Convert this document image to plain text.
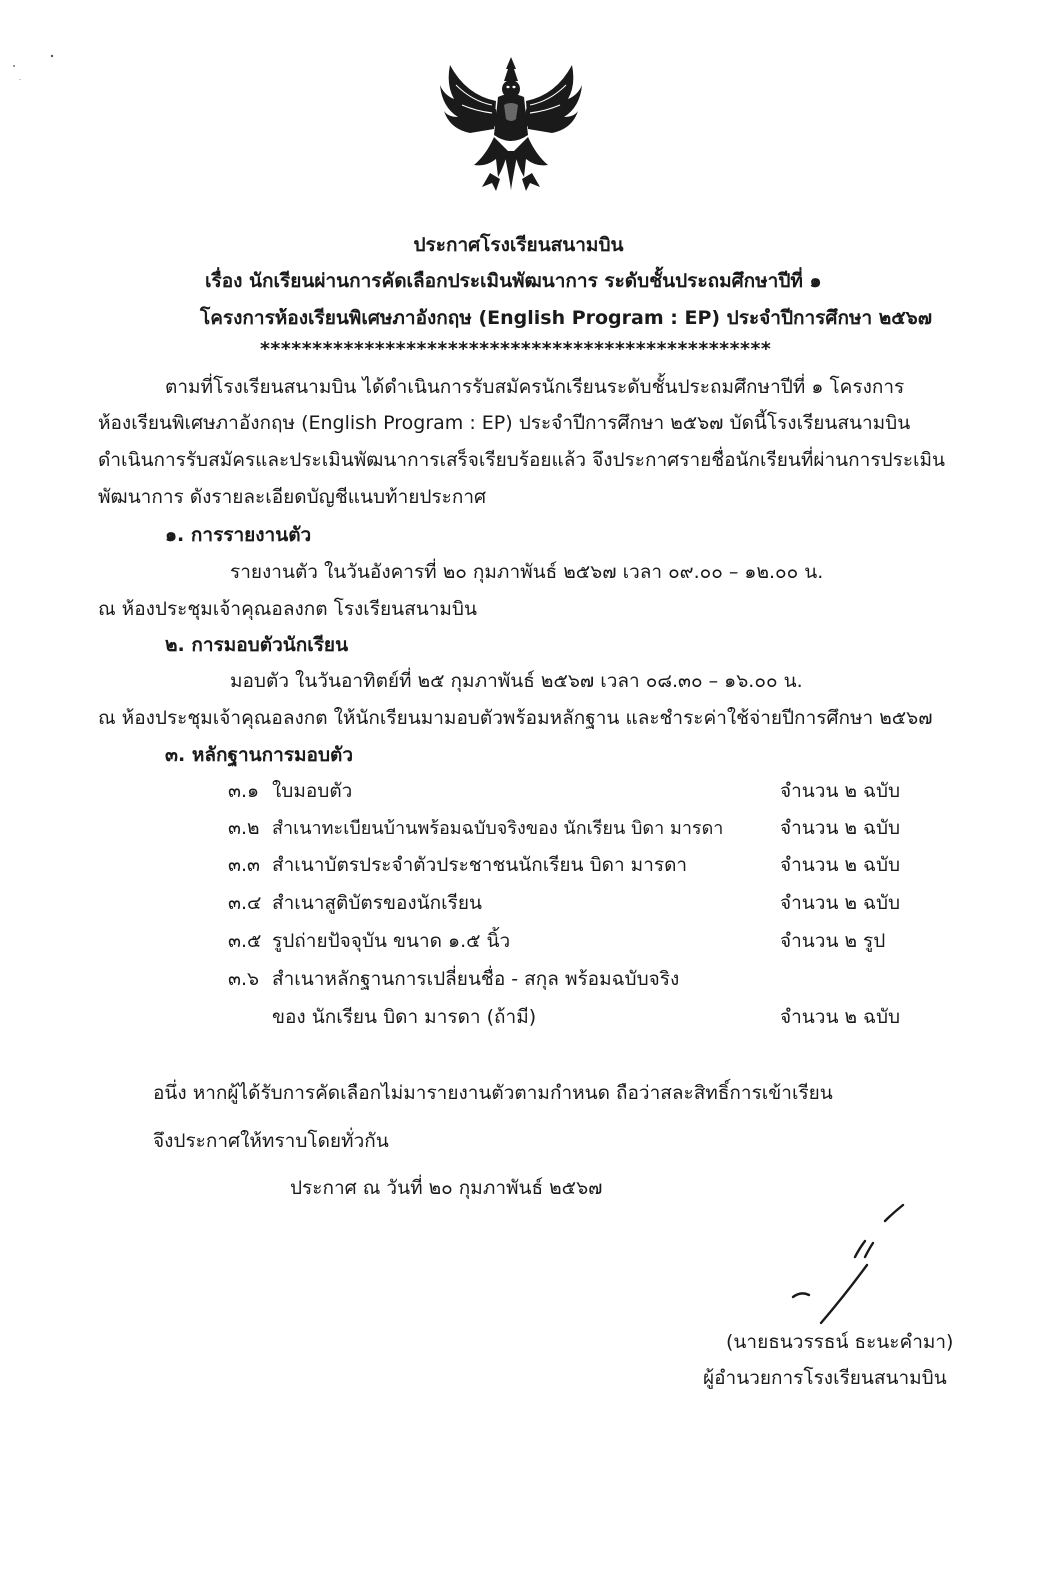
ประกาศโรงเรียนสนามบิน
เรื่อง นักเรียนผ่านการคัดเลือกประเมินพัฒนาการ ระดับชั้นประถมศึกษาปีที่ ๑
โครงการห้องเรียนพิเศษภาอังกฤษ (English Program : EP) ประจำปีการศึกษา ๒๕๖๗
*************************************************
ตามที่โรงเรียนสนามบิน ได้ดำเนินการรับสมัครนักเรียนระดับชั้นประถมศึกษาปีที่ ๑ โครงการ
ห้องเรียนพิเศษภาอังกฤษ (English Program : EP) ประจำปีการศึกษา ๒๕๖๗ บัดนี้โรงเรียนสนามบิน
ดำเนินการรับสมัครและประเมินพัฒนาการเสร็จเรียบร้อยแล้ว จึงประกาศรายชื่อนักเรียนที่ผ่านการประเมิน
พัฒนาการ ดังรายละเอียดบัญชีแนบท้ายประกาศ
๑. การรายงานตัว
รายงานตัว ในวันอังคารที่ ๒๐ กุมภาพันธ์ ๒๕๖๗ เวลา ๐๙.๐๐ – ๑๒.๐๐ น.
ณ ห้องประชุมเจ้าคุณอลงกต โรงเรียนสนามบิน
๒. การมอบตัวนักเรียน
มอบตัว ในวันอาทิตย์ที่ ๒๕ กุมภาพันธ์ ๒๕๖๗ เวลา ๐๘.๓๐ – ๑๖.๐๐ น.
ณ ห้องประชุมเจ้าคุณอลงกต ให้นักเรียนมามอบตัวพร้อมหลักฐาน และชำระค่าใช้จ่ายปีการศึกษา ๒๕๖๗
๓. หลักฐานการมอบตัว
๓.๑ ใบมอบตัว	จำนวน ๒ ฉบับ
๓.๒ สำเนาทะเบียนบ้านพร้อมฉบับจริงของ นักเรียน บิดา มารดา	จำนวน ๒ ฉบับ
๓.๓ สำเนาบัตรประจำตัวประชาชนนักเรียน บิดา มารดา	จำนวน ๒ ฉบับ
๓.๔ สำเนาสูติบัตรของนักเรียน	จำนวน ๒ ฉบับ
๓.๕ รูปถ่ายปัจจุบัน ขนาด ๑.๕ นิ้ว	จำนวน ๒ รูป
๓.๖ สำเนาหลักฐานการเปลี่ยนชื่อ - สกุล พร้อมฉบับจริง
ของ นักเรียน บิดา มารดา (ถ้ามี)	จำนวน ๒ ฉบับ
อนึ่ง หากผู้ได้รับการคัดเลือกไม่มารายงานตัวตามกำหนด ถือว่าสละสิทธิ์การเข้าเรียน
จึงประกาศให้ทราบโดยทั่วกัน
ประกาศ ณ วันที่ ๒๐ กุมภาพันธ์ ๒๕๖๗
(นายธนวรรธน์ ธะนะคำมา)
ผู้อำนวยการโรงเรียนสนามบิน
